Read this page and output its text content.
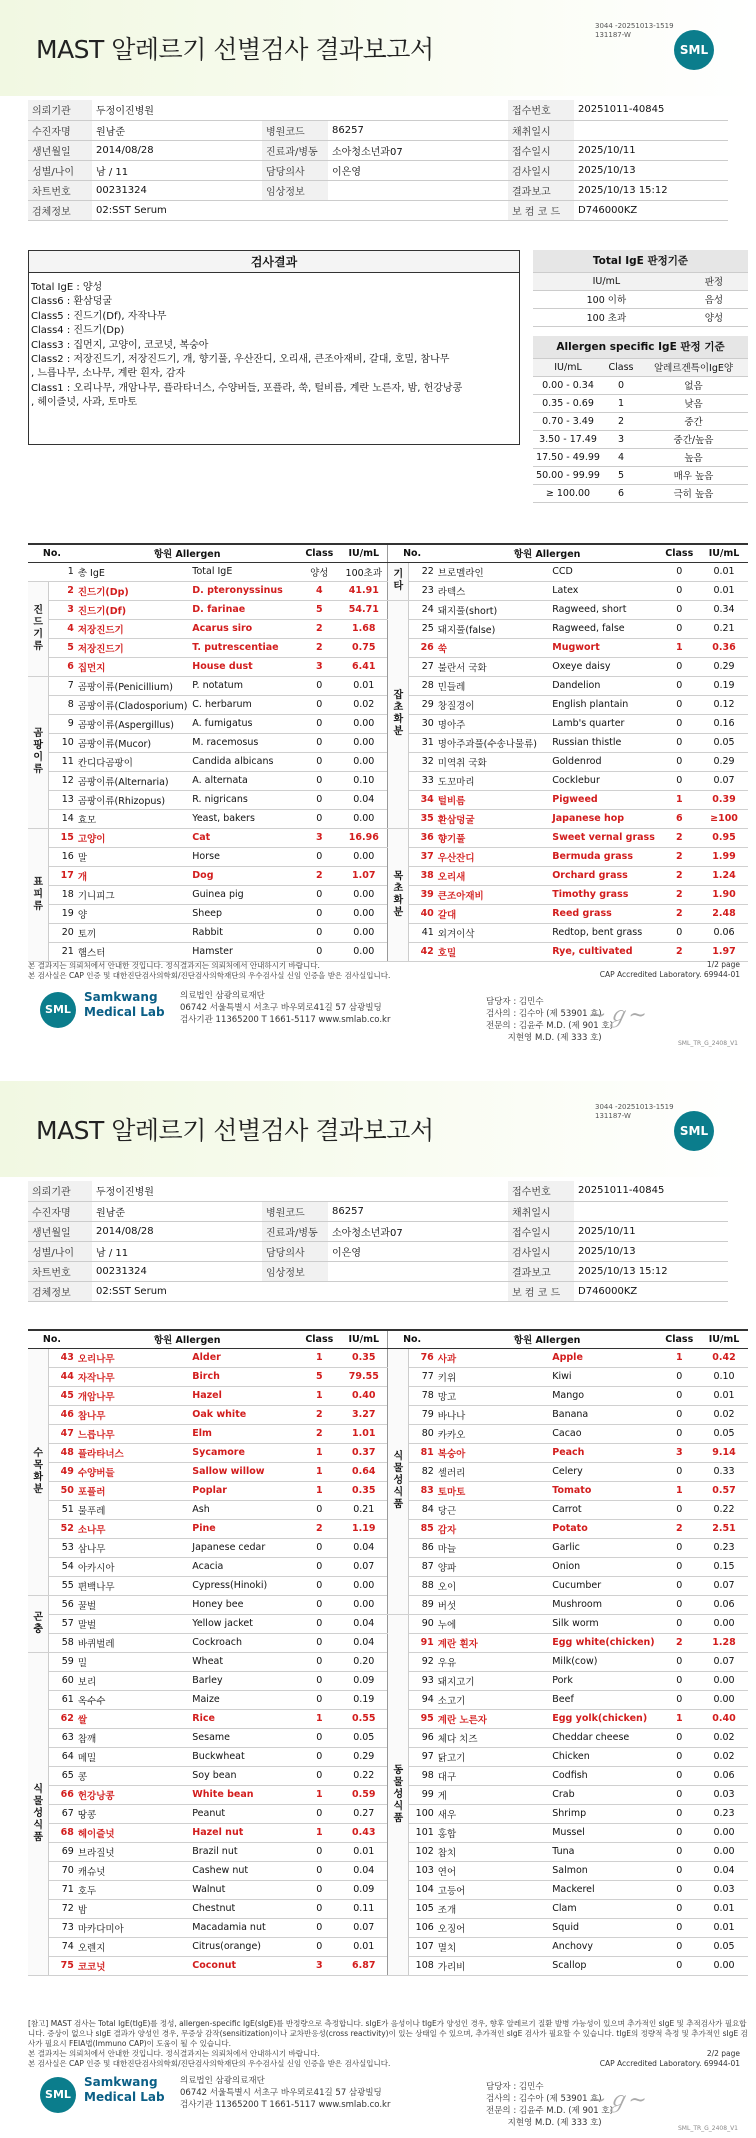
MAST 알레르기 선별검사 결과보고서
3044 -20251013-1519
131187-W
SML
의뢰기관	두정이진병원			접수번호	20251011-40845
수진자명	원남준	병원코드	86257	채취일시	
생년월일	2014/08/28	진료과/병동	소아청소년과07	접수일시	2025/10/11
성별/나이	남 / 11	담당의사	이은영	검사일시	2025/10/13
차트번호	00231324	임상정보		결과보고	2025/10/13 15:12
검체정보	02:SST Serum			보 컴 코 드	D746000KZ
검사결과
Total IgE : 양성
Class6 : 환삼덩굴
Class5 : 진드기(Df), 자작나무
Class4 : 진드기(Dp)
Class3 : 집먼지, 고양이, 코코넛, 복숭아
Class2 : 저장진드기, 저장진드기, 개, 향기풀, 우산잔디, 오리새, 큰조아재비, 갈대, 호밀, 참나무
, 느릅나무, 소나무, 계란 흰자, 감자
Class1 : 오리나무, 개암나무, 플라타너스, 수양버들, 포플라, 쑥, 털비름, 계란 노른자, 밤, 헌강낭콩
, 헤이즐넛, 사과, 토마토
Total IgE 판정기준	
IU/mL	판정
100 이하	음성
100 초과	양성
Allergen specific IgE 판정 기준		
IU/mL	Class	알레르겐특이IgE양
0.00 - 0.34	0	없음
0.35 - 0.69	1	낮음
0.70 - 3.49	2	중간
3.50 - 17.49	3	중간/높음
17.50 - 49.99	4	높음
50.00 - 99.99	5	매우 높음
≥ 100.00	6	극히 높음
No.		항원 Allergen		Class	IU/mL	No.		항원 Allergen		Class	IU/mL
1		총 IgE	Total IgE	양성	100초과	기타	22	브로멜라인	CCD	0	0.01
진드기류	2	진드기(Dp)	D. pteronyssinus	4	41.91		23	라텍스	Latex	0	0.01
	3	진드기(Df)	D. farinae	5	54.71	잡초화분	24	돼지풀(short)	Ragweed, short	0	0.34
	4	저장진드기	Acarus siro	2	1.68		25	돼지풀(false)	Ragweed, false	0	0.21
	5	저장진드기	T. putrescentiae	2	0.75		26	쑥	Mugwort	1	0.36
	6	집먼지	House dust	3	6.41		27	불란서 국화	Oxeye daisy	0	0.29
곰팡이류	7	곰팡이류(Penicillium)	P. notatum	0	0.01		28	민들레	Dandelion	0	0.19
	8	곰팡이류(Cladosporium)	C. herbarum	0	0.02		29	창질경이	English plantain	0	0.12
	9	곰팡이류(Aspergillus)	A. fumigatus	0	0.00		30	명아주	Lamb's quarter	0	0.16
	10	곰팡이류(Mucor)	M. racemosus	0	0.00		31	명아주과풀(수송나물류)	Russian thistle	0	0.05
	11	칸디다곰팡이	Candida albicans	0	0.00		32	미역취 국화	Goldenrod	0	0.29
	12	곰팡이류(Alternaria)	A. alternata	0	0.10		33	도꼬마리	Cocklebur	0	0.07
	13	곰팡이류(Rhizopus)	R. nigricans	0	0.04		34	털비름	Pigweed	1	0.39
	14	효모	Yeast, bakers	0	0.00		35	환삼덩굴	Japanese hop	6	≥100
표피류	15	고양이	Cat	3	16.96	목초화분	36	향기풀	Sweet vernal grass	2	0.95
	16	말	Horse	0	0.00		37	우산잔디	Bermuda grass	2	1.99
	17	개	Dog	2	1.07		38	오리새	Orchard grass	2	1.24
	18	기니피그	Guinea pig	0	0.00		39	큰조아재비	Timothy grass	2	1.90
	19	양	Sheep	0	0.00		40	갈대	Reed grass	2	2.48
	20	토끼	Rabbit	0	0.00		41	외겨이삭	Redtop, bent grass	0	0.06
	21	햄스터	Hamster	0	0.00		42	호밀	Rye, cultivated	2	1.97
본 결과지는 의뢰처에서 안내한 것입니다. 정식결과지는 의뢰처에서 안내하시기 바랍니다.
본 검사실은 CAP 인증 및 대한진단검사의학회/진단검사의학재단의 우수검사실 신임 인증을 받은 검사실입니다.
1/2 page
CAP Accredited Laboratory. 69944-01
SML
Samkwang
Medical Lab
의료법인 삼광의료재단
06742 서울특별시 서초구 바우뫼로41길 57 삼광빌딩
검사기관 11365200 T 1661-5117 www.smlab.co.kr
담당자 : 김민수
검사의 : 김수아 (제 53901 호)
전문의 : 김윤주 M.D. (제 901 호)
지현영 M.D. (제 333 호)
~ℊ~
SML_TR_G_2408_V1
MAST 알레르기 선별검사 결과보고서
3044 -20251013-1519
131187-W
SML
의뢰기관	두정이진병원			접수번호	20251011-40845
수진자명	원남준	병원코드	86257	채취일시	
생년월일	2014/08/28	진료과/병동	소아청소년과07	접수일시	2025/10/11
성별/나이	남 / 11	담당의사	이은영	검사일시	2025/10/13
차트번호	00231324	임상정보		결과보고	2025/10/13 15:12
검체정보	02:SST Serum			보 컴 코 드	D746000KZ
No.		항원 Allergen		Class	IU/mL	No.		항원 Allergen		Class	IU/mL
수목화분	43	오리나무	Alder	1	0.35	식물성식품	76	사과	Apple	1	0.42
	44	자작나무	Birch	5	79.55		77	키위	Kiwi	0	0.10
	45	개암나무	Hazel	1	0.40		78	망고	Mango	0	0.01
	46	참나무	Oak white	2	3.27		79	바나나	Banana	0	0.02
	47	느릅나무	Elm	2	1.01		80	카카오	Cacao	0	0.05
	48	플라타너스	Sycamore	1	0.37		81	복숭아	Peach	3	9.14
	49	수양버들	Sallow willow	1	0.64		82	셀러리	Celery	0	0.33
	50	포플러	Poplar	1	0.35		83	토마토	Tomato	1	0.57
	51	물푸레	Ash	0	0.21		84	당근	Carrot	0	0.22
	52	소나무	Pine	2	1.19		85	감자	Potato	2	2.51
	53	삼나무	Japanese cedar	0	0.04		86	마늘	Garlic	0	0.23
	54	아카시아	Acacia	0	0.07		87	양파	Onion	0	0.15
	55	편백나무	Cypress(Hinoki)	0	0.00		88	오이	Cucumber	0	0.07
곤충	56	꿀벌	Honey bee	0	0.00		89	버섯	Mushroom	0	0.06
	57	말벌	Yellow jacket	0	0.04	동물성식품	90	누에	Silk worm	0	0.00
	58	바퀴벌레	Cockroach	0	0.04		91	계란 흰자	Egg white(chicken)	2	1.28
식물성식품	59	밀	Wheat	0	0.20		92	우유	Milk(cow)	0	0.07
	60	보리	Barley	0	0.09		93	돼지고기	Pork	0	0.00
	61	옥수수	Maize	0	0.19		94	소고기	Beef	0	0.00
	62	쌀	Rice	1	0.55		95	계란 노른자	Egg yolk(chicken)	1	0.40
	63	참깨	Sesame	0	0.05		96	체다 치즈	Cheddar cheese	0	0.02
	64	메밀	Buckwheat	0	0.29		97	닭고기	Chicken	0	0.02
	65	콩	Soy bean	0	0.22		98	대구	Codfish	0	0.06
	66	헌강낭콩	White bean	1	0.59		99	게	Crab	0	0.03
	67	땅콩	Peanut	0	0.27		100	새우	Shrimp	0	0.23
	68	헤이즐넛	Hazel nut	1	0.43		101	홍합	Mussel	0	0.00
	69	브라질넛	Brazil nut	0	0.01		102	참치	Tuna	0	0.00
	70	캐슈넛	Cashew nut	0	0.04		103	연어	Salmon	0	0.04
	71	호두	Walnut	0	0.09		104	고등어	Mackerel	0	0.03
	72	밤	Chestnut	0	0.11		105	조개	Clam	0	0.01
	73	마카다미아	Macadamia nut	0	0.07		106	오징어	Squid	0	0.01
	74	오렌지	Citrus(orange)	0	0.01		107	멸치	Anchovy	0	0.05
	75	코코넛	Coconut	3	6.87		108	가리비	Scallop	0	0.00
[참고] MAST 검사는 Total IgE(tIgE)를 정성, allergen-specific IgE(sIgE)를 반정량으로 측정합니다. sIgE가 음성이나 tIgE가 양성인 경우, 향후 알레르기 질환 발병 가능성이 있으며 추가적인 sIgE 및 추적검사가 필요합니다. 증상이 없으나 sIgE 결과가 양성인 경우, 무증상 감작(sensitization)이나 교차반응성(cross reactivity)이 있는 상태일 수 있으며, 추가적인 sIgE 검사가 필요할 수 있습니다. tIgE의 정량적 측정 및 추가적인 sIgE 검사가 필요시 FEIA법(Immuno CAP)이 도움이 될 수 있습니다.
본 결과지는 의뢰처에서 안내한 것입니다. 정식결과지는 의뢰처에서 안내하시기 바랍니다.
본 검사실은 CAP 인증 및 대한진단검사의학회/진단검사의학재단의 우수검사실 신임 인증을 받은 검사실입니다.
2/2 page
CAP Accredited Laboratory. 69944-01
SML
Samkwang
Medical Lab
의료법인 삼광의료재단
06742 서울특별시 서초구 바우뫼로41길 57 삼광빌딩
검사기관 11365200 T 1661-5117 www.smlab.co.kr
담당자 : 김민수
검사의 : 김수아 (제 53901 호)
전문의 : 김윤주 M.D. (제 901 호)
지현영 M.D. (제 333 호)
~ℊ~
SML_TR_G_2408_V1
